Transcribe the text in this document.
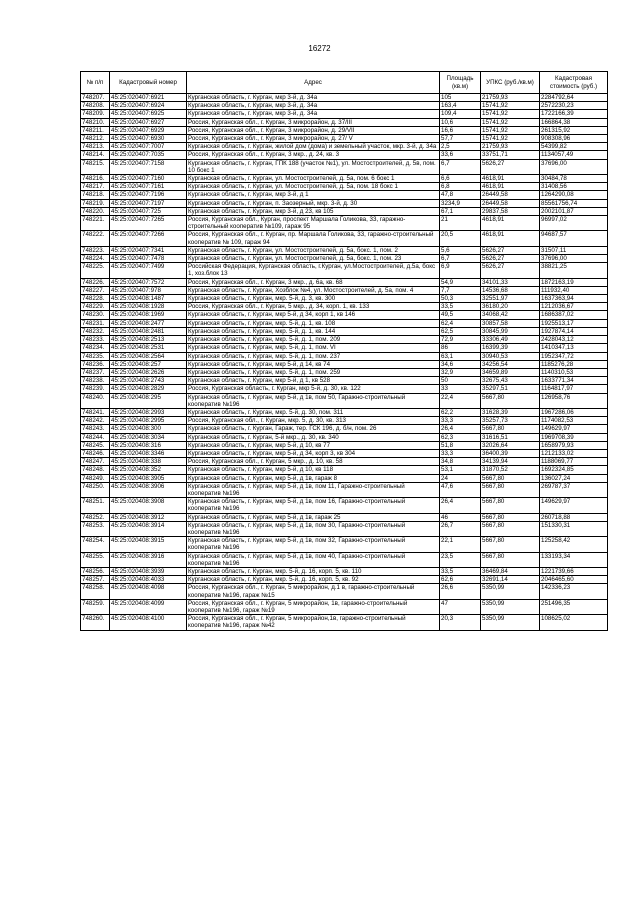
16272
№ п/п	Кадастровый номер	Адрес	Площадь (кв.м)	УПКС (руб./кв.м)	Кадастровая стоимость (руб.)
748207.	45:25:020407:6921	Курганская область, г. Курган, мкр 3-й, д. 34а	105	21759,93	2284792,64
748208.	45:25:020407:6924	Курганская область, г. Курган, мкр 3-й, д. 34а	163,4	15741,92	2572230,23
748209.	45:25:020407:6925	Курганская область, г. Курган, мкр 3-й, д. 34а	109,4	15741,92	1722166,39
748210.	45:25:020407:6927	Россия, Курганская обл., г. Курган, 3 микрорайон, д. 37/III	10,6	15741,92	166864,38
748211.	45:25:020407:6929	Россия, Курганская обл., г. Курган, 3 микрорайон, д. 29/VII	16,6	15741,92	261315,92
748212.	45:25:020407:6930	Россия, Курганская обл., г. Курган, 3 микрорайон, д. 27/ V	57,7	15741,92	908308,96
748213.	45:25:020407:7007	Курганская область, г. Курган, жилой дом (дома) и земельный участок, мкр. 3-й, д. 34а	2,5	21759,93	54399,82
748214.	45:25:020407:7035	Россия, Курганская обл., г. Курган, 3 мкр., д. 24, кв. 3	33,6	33751,71	1134057,49
748215.	45:25:020407:7158	Курганская область, г. Курган, ГПК 188 (участок №1), ул. Мостостроителей, д. 5в, пом. 10 бокс 1	6,7	5626,27	37696,00
748216.	45:25:020407:7160	Курганская область, г. Курган, ул. Мостостроителей, д. 5а, пом. 6 бокс 1	6,6	4618,91	30484,78
748217.	45:25:020407:7161	Курганская область, г. Курган, ул. Мостостроителей, д. 5а, пом. 18 бокс 1	6,8	4618,91	31408,56
748218.	45:25:020407:7196	Курганская область, г. Курган, мкр 3-й, д 1	47,8	26449,58	1264290,08
748219.	45:25:020407:7197	Курганская область, г. Курган, п. Заозерный, мкр. 3-й, д. 30	3234,9	26449,58	85561756,74
748220.	45:25:020407:725	Курганская область, г. Курган, мкр 3-й, д 23, кв 105	67,1	29837,58	2002101,87
748221.	45:25:020407:7265	Россия, Курганская обл., Курган, проспект Маршала Голикова, 33, гаражно-строительный кооператив №109, гараж 95	21	4618,91	96997,02
748222.	45:25:020407:7266	Россия, Курганская обл., г. Курган, пр. Маршала Голикова, 33, гаражно-строительный кооператив № 109, гараж 94	20,5	4618,91	94687,57
748223.	45:25:020407:7341	Курганская область, г. Курган, ул. Мостостроителей, д. 5а, бокс. 1, пом. 2	5,6	5626,27	31507,11
748224.	45:25:020407:7478	Курганская область, г. Курган, ул. Мостостроителей, д. 5а, бокс. 1, пом. 23	6,7	5626,27	37696,00
748225.	45:25:020407:7499	Российская Федерация, Курганская область, г.Курган, ул.Мостостроителей, д.5а, бокс 1, хоз.блок 13	6,9	5626,27	38821,25
748226.	45:25:020407:7572	Россия, Курганская обл., г. Курган, 3 мкр., д. 6а, кв. 68	54,9	34101,33	1872163,19
748227.	45:25:020407:978	Курганская область, г. Курган, Хозблок №4, ул. Мостостроителей, д. 5а, пом. 4	7,7	14536,68	111932,40
748228.	45:25:020408:1487	Курганская область, г. Курган, мкр. 5-й, д. 3, кв. 300	50,3	32551,97	1637363,94
748229.	45:25:020408:1928	Россия, Курганская обл., г. Курган, 5 мкр., д. 34, корп. 1, кв. 133	33,5	36180,20	1212036,67
748230.	45:25:020408:1969	Курганская область, г. Курган, мкр 5-й, д 34, корп 1, кв 146	49,5	34068,42	1686387,02
748231.	45:25:020408:2477	Курганская область, г. Курган, мкр. 5-й, д. 1, кв. 108	62,4	30857,58	1925513,17
748232.	45:25:020408:2481	Курганская область, г. Курган, мкр. 5-й, д. 1, кв. 144	62,5	30845,99	1927874,14
748233.	45:25:020408:2513	Курганская область, г. Курган, мкр. 5-й, д. 1, пом. 209	72,9	33306,49	2428043,12
748234.	45:25:020408:2531	Курганская область, г. Курган, мкр. 5-й, д. 1, пом. VI	86	16399,39	1410347,13
748235.	45:25:020408:2564	Курганская область, г. Курган, мкр. 5-й, д. 1, пом. 237	63,1	30940,53	1952347,72
748236.	45:25:020408:257	Курганская область, г. Курган, мкр 5-й, д 14, кв 74	34,6	34256,54	1185276,28
748237.	45:25:020408:2626	Курганская область, г. Курган, мкр. 5-й, д. 1, пом. 259	32,9	34659,89	1140310,53
748238.	45:25:020408:2743	Курганская область, г. Курган, мкр 5-й, д 1, кв 528	50	32675,43	1633771,34
748239.	45:25:020408:2829	Россия, Курганская область, г. Курган, мкр 5-й, д. 30, кв. 122	33	35297,51	1164817,97
748240.	45:25:020408:295	Курганская область, г. Курган, мкр 5-й, д 1в, пом 50, Гаражно-строительный кооператив №196	22,4	5667,80	126958,76
748241.	45:25:020408:2993	Курганская область, г. Курган, мкр. 5-й, д. 30, пом. 311	62,2	31628,39	1967286,06
748242.	45:25:020408:2995	Россия, Курганская обл., г. Курган, мкр. 5, д. 30, кв. 313	33,3	35257,73	1174082,53
748243.	45:25:020408:300	Курганская область, г. Курган, Гараж, тер. ГСК 196, д. б/н, пом. 26	26,4	5667,80	149629,97
748244.	45:25:020408:3034	Курганская область, г. Курган, 5-й мкр., д. 30, кв. 340	62,3	31616,51	1969708,39
748245.	45:25:020408:316	Курганская область, г. Курган, мкр 5-й, д 10, кв 77	51,8	32026,64	1658979,93
748246.	45:25:020408:3346	Курганская область, г. Курган, мкр 5-й, д 34, корп 3, кв 304	33,3	36400,39	1212133,02
748247.	45:25:020408:338	Россия, Курганская обл., г. Курган, 5 мкр., д. 10, кв. 58	34,8	34139,94	1188069,77
748248.	45:25:020408:352	Курганская область, г. Курган, мкр 5-й, д 10, кв 118	53,1	31870,52	1692324,85
748249.	45:25:020408:3905	Курганская область, г. Курган, мкр 5-й, д 1в, гараж 8	24	5667,80	136027,24
748250.	45:25:020408:3906	Курганская область, г. Курган, мкр 5-й, д 1в, пом 11, Гаражно-строительный кооператив №196	47,6	5667,80	269787,37
748251.	45:25:020408:3908	Курганская область, г. Курган, мкр 5-й, д 1в, пом 16, Гаражно-строительный кооператив №196	26,4	5667,80	149629,97
748252.	45:25:020408:3912	Курганская область, г. Курган, мкр 5-й, д 1в, гараж 25	46	5667,80	260718,88
748253.	45:25:020408:3914	Курганская область, г. Курган, мкр 5-й, д 1в, пом 30, Гаражно-строительный кооператив №196	26,7	5667,80	151330,31
748254.	45:25:020408:3915	Курганская область, г. Курган, мкр 5-й, д 1в, пом 32, Гаражно-строительный кооператив №196	22,1	5667,80	125258,42
748255.	45:25:020408:3916	Курганская область, г. Курган, мкр 5-й, д 1в, пом 40, Гаражно-строительный кооператив №196	23,5	5667,80	133193,34
748256.	45:25:020408:3939	Курганская область, г. Курган, мкр. 5-й, д. 16, корп. 5, кв. 110	33,5	36469,84	1221739,66
748257.	45:25:020408:4033	Курганская область, г. Курган, мкр. 5-й, д. 16, корп. 5, кв. 92	62,6	32691,14	2046465,60
748258.	45:25:020408:4098	Россия, Курганская обл., г. Курган, 5 микрорайон, д.1 в, гаражно-строительный кооператив №196, гараж №15	26,6	5350,99	142336,23
748259.	45:25:020408:4099	Россия, Курганская обл., г. Курган, 5 микрорайон, 1в, гаражно-строительный кооператив №196, гараж №19	47	5350,99	251496,35
748260.	45:25:020408:4100	Россия, Курганская обл., г. Курган, 5 микрорайон,1в, гаражно-строительный кооператив №196, гараж №42	20,3	5350,99	108625,02
